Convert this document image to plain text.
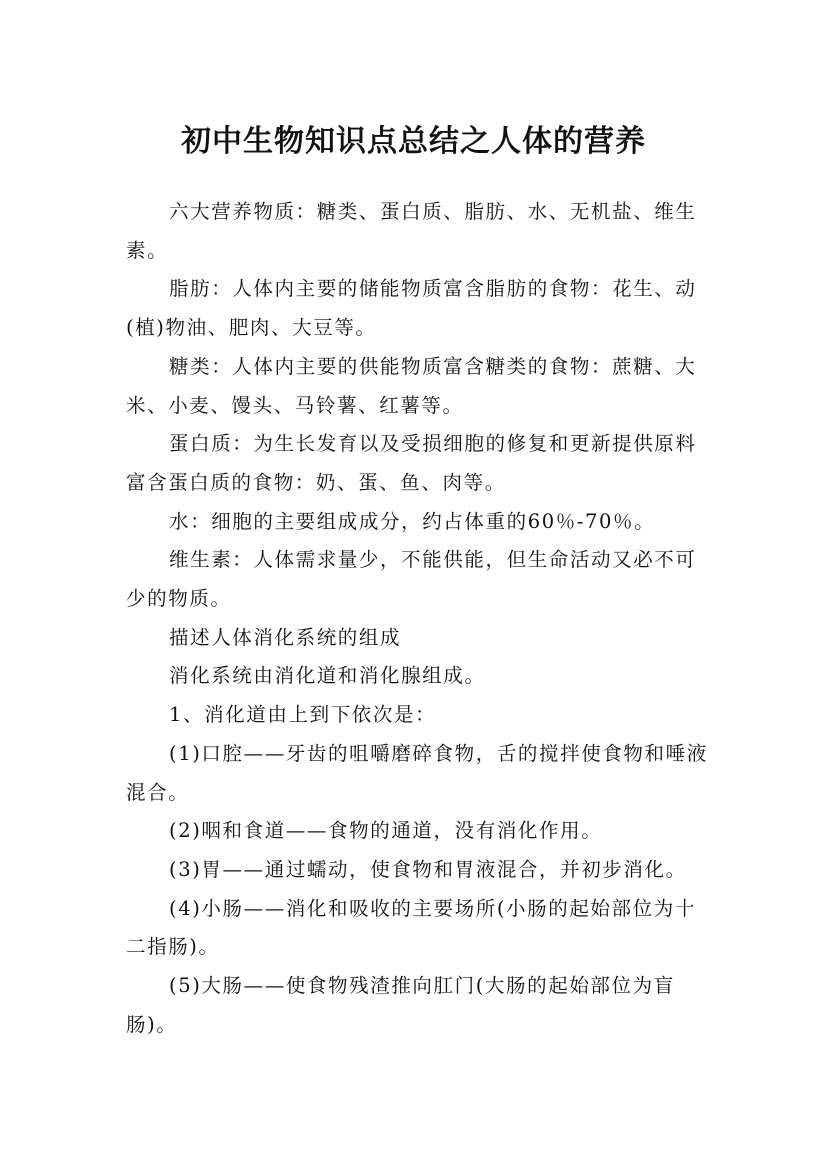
初中生物知识点总结之人体的营养

六大营养物质：糖类、蛋白质、脂肪、水、无机盐、维生素。

脂肪：人体内主要的储能物质富含脂肪的食物：花生、动(植)物油、肥肉、大豆等。

糖类：人体内主要的供能物质富含糖类的食物：蔗糖、大米、小麦、馒头、马铃薯、红薯等。

蛋白质：为生长发育以及受损细胞的修复和更新提供原料富含蛋白质的食物：奶、蛋、鱼、肉等。

水：细胞的主要组成成分，约占体重的60％-70％。

维生素：人体需求量少，不能供能，但生命活动又必不可少的物质。

描述人体消化系统的组成

消化系统由消化道和消化腺组成。

1、消化道由上到下依次是：

(1)口腔——牙齿的咀嚼磨碎食物，舌的搅拌使食物和唾液混合。

(2)咽和食道——食物的通道，没有消化作用。

(3)胃——通过蠕动，使食物和胃液混合，并初步消化。

(4)小肠——消化和吸收的主要场所(小肠的起始部位为十二指肠)。

(5)大肠——使食物残渣推向肛门(大肠的起始部位为盲肠)。
